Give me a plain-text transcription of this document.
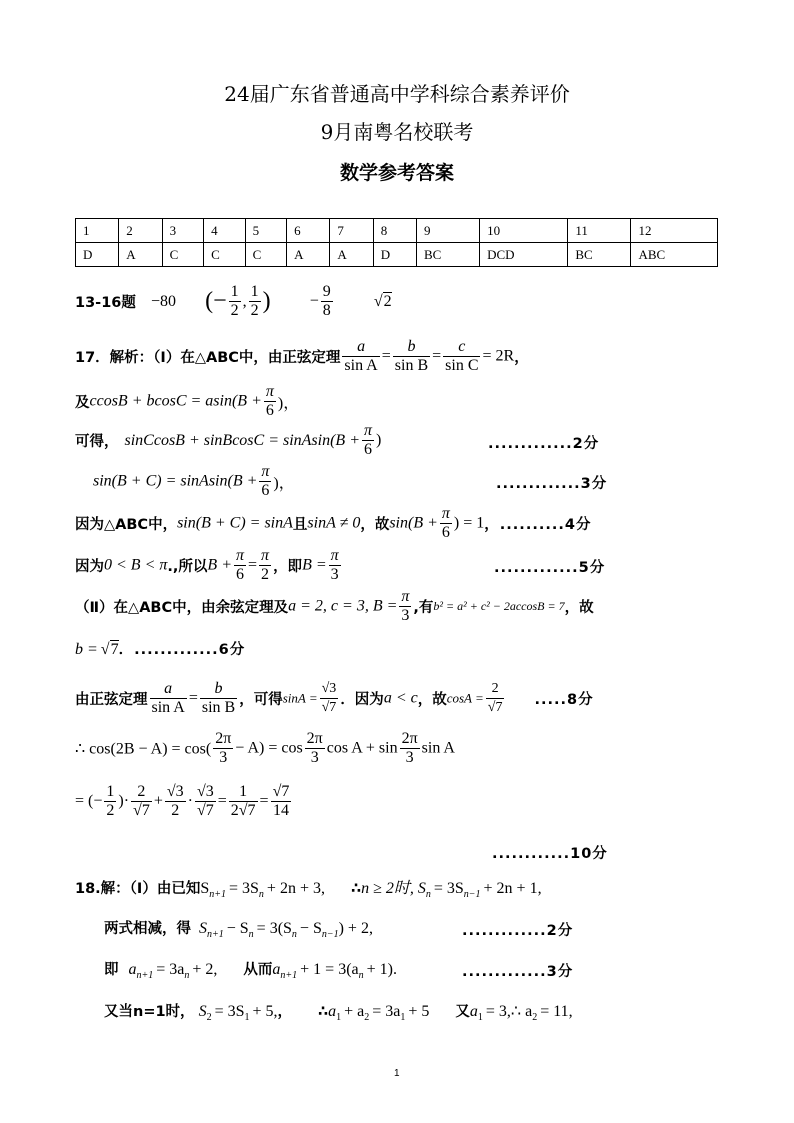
24届广东省普通高中学科综合素养评价
9月南粤名校联考
数学参考答案
1	2	3	4	5	6	7	8	9	10	11	12
D	A	C	C	C	A	A	D	BC	DCD	BC	ABC
13-16题 −80 (− $\frac{1}{2}$ , $\frac{1}{2}$ ) − $\frac{9}{8}$	√2
17．解析：（Ⅰ）在△ABC中，由正弦定理 $\frac{a}{\text{sin A}} = \frac{b}{\text{sin B}} = \frac{c}{\text{sin C}} = 2R$，
及$ccosB + bcosC = asin(B + \frac{\pi}{6}$ )，
可得， sinCcosB + sinBcosC = sinAsin(B + $\frac{\pi}{6}$ )	.............2分
sin(B + C) = sinAsin(B + $\frac{\pi}{6}$ )，	.............3分
因为△ABC中，sin(B + C) = sinA且sinA ≠ 0，故$\sin(B + \frac{\pi}{6}$ ) = 1，..........4分
因为0 < B < π.,所以$B + \frac{\pi}{6} = \frac{\pi}{2}$ ，即$B = \frac{\pi}{3}$	.............5分
（Ⅱ）在△ABC中，由余弦定理及a = 2, c = 3, $B = \frac{\pi}{3}$ ,有b² = a² + c² − 2accosB = 7，故
b = √7．.............6分
由正弦定理 $\frac{a}{\text{sin A}} = \frac{b}{\text{sin B}}$ ，可得$\sin A = \frac{√3}{√7}$ ．因为a < c，故$\cos A = \frac{2}{√7} .....8$分
∴ $\cos(2B - A) = \cos( \frac{2\pi}{3} - A) = \cos \frac{2\pi}{3}$ $\cos A + \sin \frac{2\pi}{3}$ sin A
= (− $\frac{1}{2}$ )· $\frac{2}{√7} + \frac{√3}{2} \cdot \frac{√3}{√7} = \frac{1}{2√7} = \frac{√7}{14}$
............10分
18.解：（Ⅰ）由已知$S_{n+1} = 3S_n + 2n + 3$, ∴n ≥ 2时, $S_n = 3S_{n-1} + 2n + 1$,
两式相减，得 $S_{n+1} - S_n = 3(S_n - S_{n-1}) + 2$,	.............2分
即 $a_{n+1} = 3a_n + 2$, 从而$a_{n+1} + 1 = 3(a_n + 1)$.	.............3分
又当n=1时， $S_2 = 3S_1 + 5$,， $\therefore a_1 + a_2 = 3a_1 + 5$ 又$a_1$ = 3,∴ $a_2 = 11$,
1
